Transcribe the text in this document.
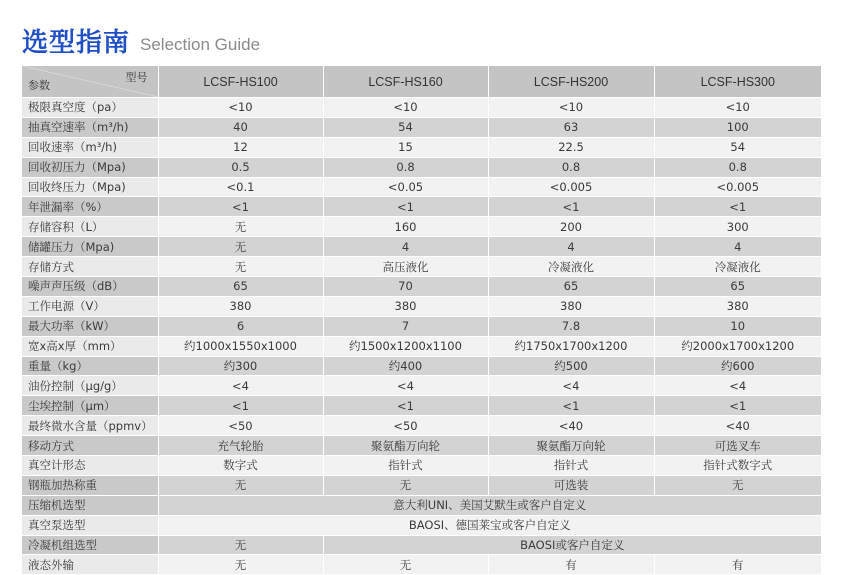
选型指南 Selection Guide
型号
参数	LCSF-HS100	LCSF-HS160	LCSF-HS200	LCSF-HS300
极限真空度（pa）	<10	<10	<10	<10
抽真空速率（m³/h)	40	54	63	100
回收速率（m³/h)	12	15	22.5	54
回收初压力（Mpa)	0.5	0.8	0.8	0.8
回收终压力（Mpa)	<0.1	<0.05	<0.005	<0.005
年泄漏率（%）	<1	<1	<1	<1
存储容积（L）	无	160	200	300
储罐压力（Mpa)	无	4	4	4
存储方式	无	高压液化	冷凝液化	冷凝液化
噪声声压级（dB）	65	70	65	65
工作电源（V）	380	380	380	380
最大功率（kW）	6	7	7.8	10
宽x高x厚（mm）	约1000x1550x1000	约1500x1200x1100	约1750x1700x1200	约2000x1700x1200
重量（kg）	约300	约400	约500	约600
油份控制（μg/g）	<4	<4	<4	<4
尘埃控制（μm）	<1	<1	<1	<1
最终微水含量（ppmv）	<50	<50	<40	<40
移动方式	充气轮胎	聚氨酯万向轮	聚氨酯万向轮	可选叉车
真空计形态	数字式	指针式	指针式	指针式数字式
钢瓶加热称重	无	无	可选装	无
压缩机选型	意大利UNI、美国艾默生或客户自定义			
真空泵选型	BAOSI、德国莱宝或客户自定义			
冷凝机组选型	无	BAOSI或客户自定义		
液态外输	无	无	有	有
